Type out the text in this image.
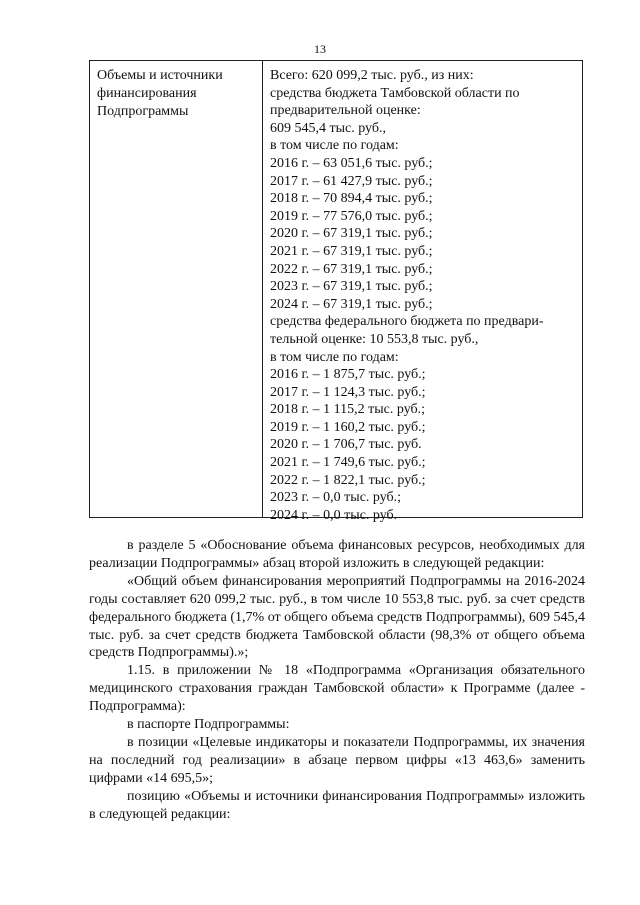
13
Объемы и источники финансирования Подпрограммы
Всего: 620 099,2 тыс. руб., из них:
средства бюджета Тамбовской области по
предварительной оценке:
609 545,4 тыс. руб.,
в том числе по годам:
2016 г. – 63 051,6 тыс. руб.;
2017 г. – 61 427,9 тыс. руб.;
2018 г. – 70 894,4 тыс. руб.;
2019 г. – 77 576,0 тыс. руб.;
2020 г. – 67 319,1 тыс. руб.;
2021 г. – 67 319,1 тыс. руб.;
2022 г. – 67 319,1 тыс. руб.;
2023 г. – 67 319,1 тыс. руб.;
2024 г. – 67 319,1 тыс. руб.;
средства федерального бюджета по предвари-
тельной оценке: 10 553,8 тыс. руб.,
в том числе по годам:
2016 г. – 1 875,7 тыс. руб.;
2017 г. – 1 124,3 тыс. руб.;
2018 г. – 1 115,2 тыс. руб.;
2019 г. – 1 160,2 тыс. руб.;
2020 г. – 1 706,7 тыс. руб.
2021 г. – 1 749,6 тыс. руб.;
2022 г. – 1 822,1 тыс. руб.;
2023 г. – 0,0 тыс. руб.;
2024 г. – 0,0 тыс. руб.

в разделе 5 «Обоснование объема финансовых ресурсов, необходимых для реализации Подпрограммы» абзац второй изложить в следующей редакции:

«Общий объем финансирования мероприятий Подпрограммы на 2016-2024 годы составляет 620 099,2 тыс. руб., в том числе 10 553,8 тыс. руб. за счет средств федерального бюджета (1,7% от общего объема средств Подпрограммы), 609 545,4 тыс. руб. за счет средств бюджета Тамбовской области (98,3% от общего объема средств Подпрограммы).»;

1.15. в приложении № 18 «Подпрограмма «Организация обязательного медицинского страхования граждан Тамбовской области» к Программе (далее - Подпрограмма):

в паспорте Подпрограммы:

в позиции «Целевые индикаторы и показатели Подпрограммы, их значения на последний год реализации» в абзаце первом цифры «13 463,6» заменить цифрами «14 695,5»;

позицию «Объемы и источники финансирования Подпрограммы» изложить в следующей редакции:
